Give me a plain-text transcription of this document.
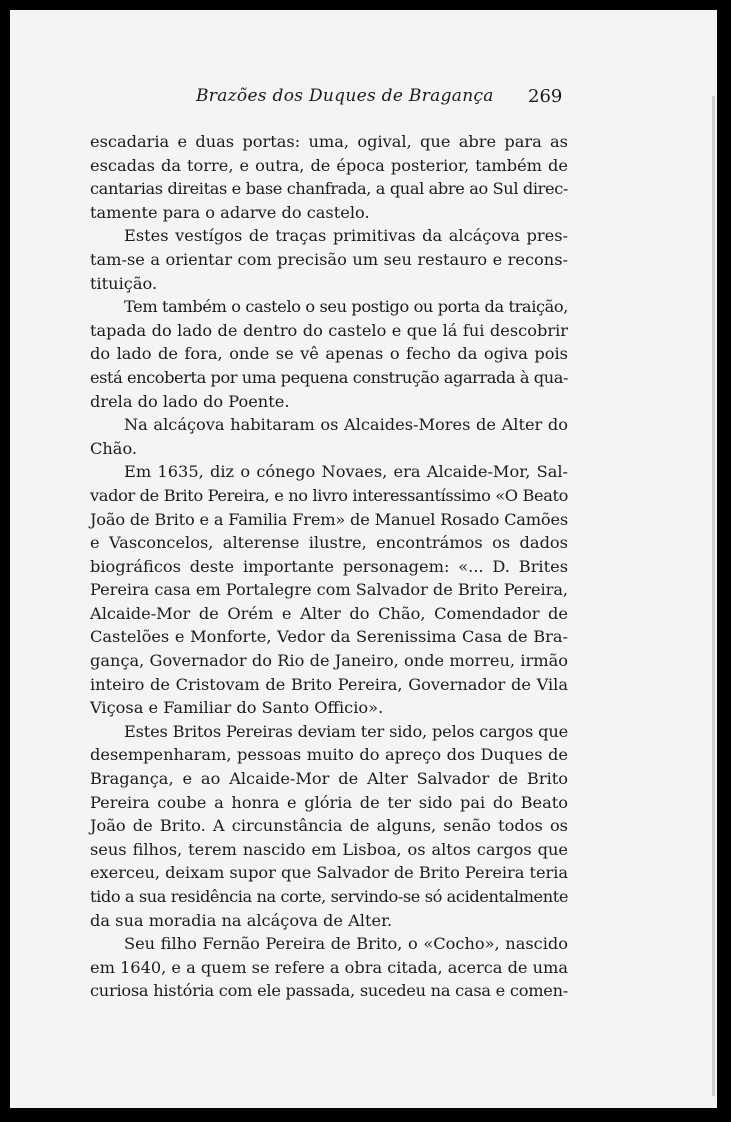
Brazões dos Duques de Bragança 269
escadaria e duas portas: uma, ogival, que abre para as
escadas da torre, e outra, de época posterior, também de
cantarias direitas e base chanfrada, a qual abre ao Sul direc-
tamente para o adarve do castelo.
Estes vestígos de traças primitivas da alcáçova pres-
tam-se a orientar com precisão um seu restauro e recons-
tituição.
Tem também o castelo o seu postigo ou porta da traição,
tapada do lado de dentro do castelo e que lá fui descobrir
do lado de fora, onde se vê apenas o fecho da ogiva pois
está encoberta por uma pequena construção agarrada à qua-
drela do lado do Poente.
Na alcáçova habitaram os Alcaides-Mores de Alter do
Chão.
Em 1635, diz o cónego Novaes, era Alcaide-Mor, Sal-
vador de Brito Pereira, e no livro interessantíssimo «O Beato
João de Brito e a Familia Frem» de Manuel Rosado Camões
e Vasconcelos, alterense ilustre, encontrámos os dados
biográficos deste importante personagem: «... D. Brites
Pereira casa em Portalegre com Salvador de Brito Pereira,
Alcaide-Mor de Orém e Alter do Chão, Comendador de
Castelões e Monforte, Vedor da Serenissima Casa de Bra-
gança, Governador do Rio de Janeiro, onde morreu, irmão
inteiro de Cristovam de Brito Pereira, Governador de Vila
Viçosa e Familiar do Santo Officio».
Estes Britos Pereiras deviam ter sido, pelos cargos que
desempenharam, pessoas muito do apreço dos Duques de
Bragança, e ao Alcaide-Mor de Alter Salvador de Brito
Pereira coube a honra e glória de ter sido pai do Beato
João de Brito. A circunstância de alguns, senão todos os
seus filhos, terem nascido em Lisboa, os altos cargos que
exerceu, deixam supor que Salvador de Brito Pereira teria
tido a sua residência na corte, servindo-se só acidentalmente
da sua moradia na alcáçova de Alter.
Seu filho Fernão Pereira de Brito, o «Cocho», nascido
em 1640, e a quem se refere a obra citada, acerca de uma
curiosa história com ele passada, sucedeu na casa e comen-
